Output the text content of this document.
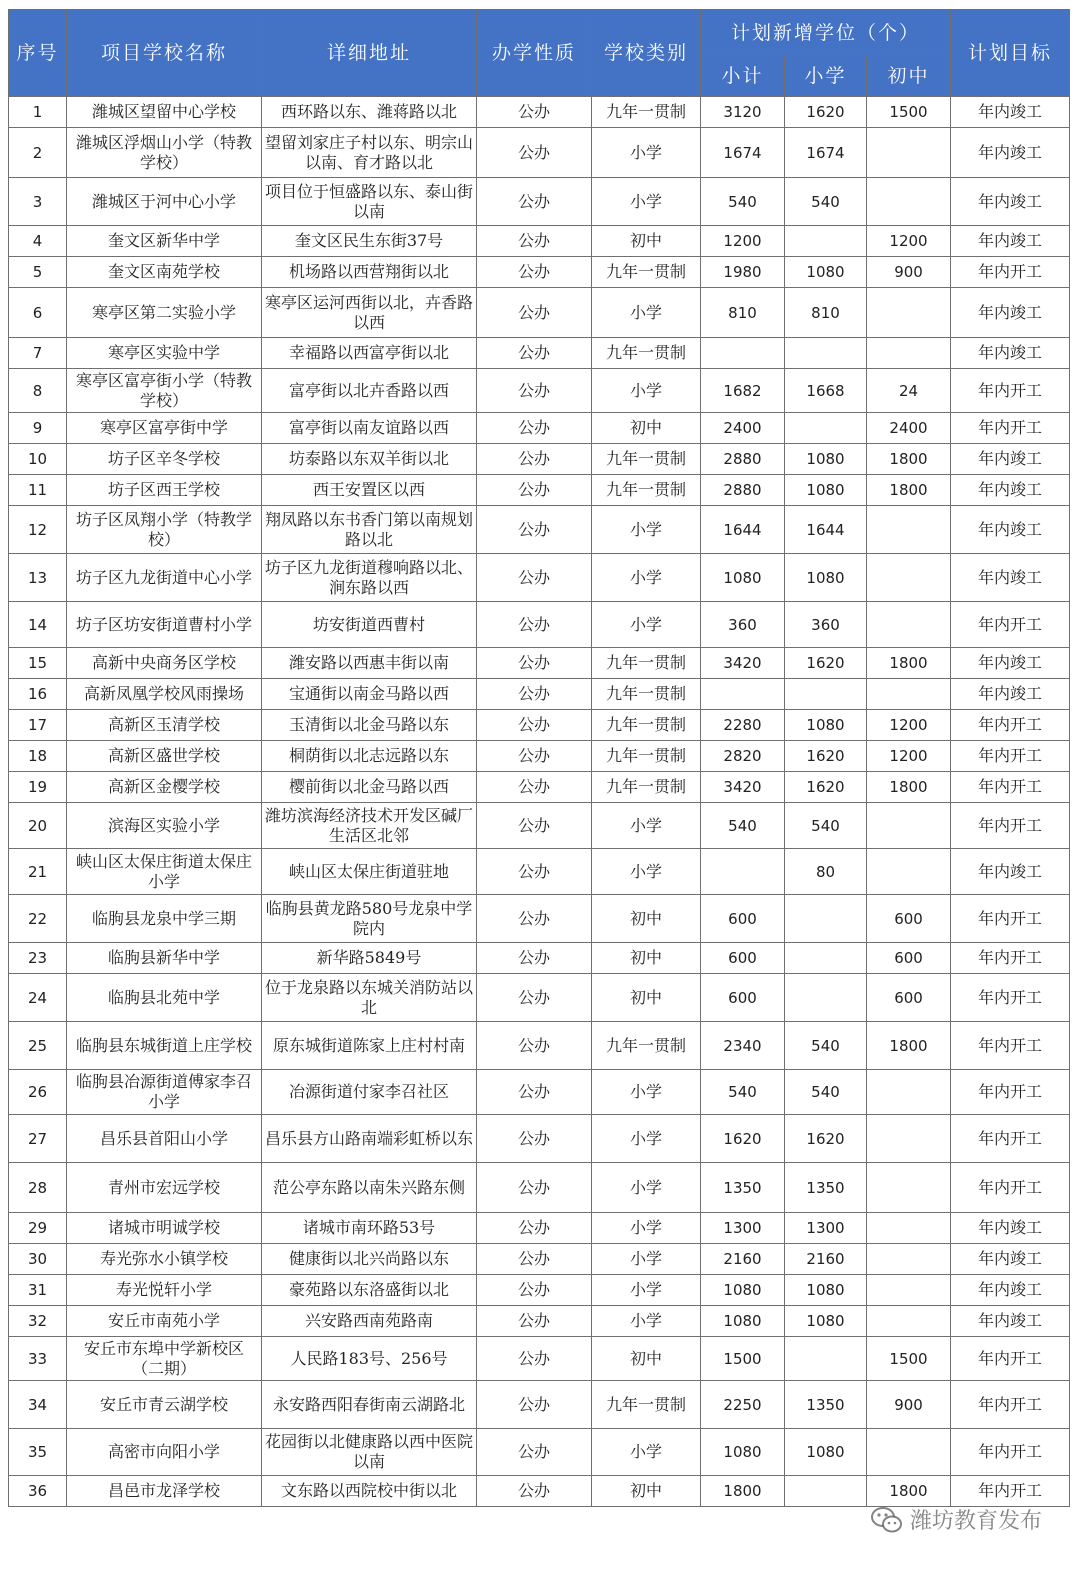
序号	项目学校名称	详细地址	办学性质	学校类别	计划新增学位（个）			计划目标
					小计	小学	初中	
1	潍城区望留中心学校	西环路以东、潍蒋路以北	公办	九年一贯制	3120	1620	1500	年内竣工
2	潍城区浮烟山小学（特教学校）	望留刘家庄子村以东、明宗山以南、育才路以北	公办	小学	1674	1674		年内竣工
3	潍城区于河中心小学	项目位于恒盛路以东、泰山街以南	公办	小学	540	540		年内竣工
4	奎文区新华中学	奎文区民生东街37号	公办	初中	1200		1200	年内竣工
5	奎文区南苑学校	机场路以西营翔街以北	公办	九年一贯制	1980	1080	900	年内开工
6	寒亭区第二实验小学	寒亭区运河西街以北，卉香路以西	公办	小学	810	810		年内竣工
7	寒亭区实验中学	幸福路以西富亭街以北	公办	九年一贯制				年内竣工
8	寒亭区富亭街小学（特教学校）	富亭街以北卉香路以西	公办	小学	1682	1668	24	年内开工
9	寒亭区富亭街中学	富亭街以南友谊路以西	公办	初中	2400		2400	年内开工
10	坊子区辛冬学校	坊泰路以东双羊街以北	公办	九年一贯制	2880	1080	1800	年内竣工
11	坊子区西王学校	西王安置区以西	公办	九年一贯制	2880	1080	1800	年内竣工
12	坊子区凤翔小学（特教学校）	翔凤路以东书香门第以南规划路以北	公办	小学	1644	1644		年内竣工
13	坊子区九龙街道中心小学	坊子区九龙街道穆响路以北、涧东路以西	公办	小学	1080	1080		年内竣工
14	坊子区坊安街道曹村小学	坊安街道西曹村	公办	小学	360	360		年内开工
15	高新中央商务区学校	潍安路以西惠丰街以南	公办	九年一贯制	3420	1620	1800	年内竣工
16	高新凤凰学校风雨操场	宝通街以南金马路以西	公办	九年一贯制				年内竣工
17	高新区玉清学校	玉清街以北金马路以东	公办	九年一贯制	2280	1080	1200	年内开工
18	高新区盛世学校	桐荫街以北志远路以东	公办	九年一贯制	2820	1620	1200	年内开工
19	高新区金樱学校	樱前街以北金马路以西	公办	九年一贯制	3420	1620	1800	年内开工
20	滨海区实验小学	潍坊滨海经济技术开发区碱厂生活区北邻	公办	小学	540	540		年内开工
21	峡山区太保庄街道太保庄小学	峡山区太保庄街道驻地	公办	小学		80		年内竣工
22	临朐县龙泉中学三期	临朐县黄龙路580号龙泉中学院内	公办	初中	600		600	年内开工
23	临朐县新华中学	新华路5849号	公办	初中	600		600	年内开工
24	临朐县北苑中学	位于龙泉路以东城关消防站以北	公办	初中	600		600	年内开工
25	临朐县东城街道上庄学校	原东城街道陈家上庄村村南	公办	九年一贯制	2340	540	1800	年内开工
26	临朐县冶源街道傅家李召小学	冶源街道付家李召社区	公办	小学	540	540		年内开工
27	昌乐县首阳山小学	昌乐县方山路南端彩虹桥以东	公办	小学	1620	1620		年内开工
28	青州市宏远学校	范公亭东路以南朱兴路东侧	公办	小学	1350	1350		年内开工
29	诸城市明诚学校	诸城市南环路53号	公办	小学	1300	1300		年内竣工
30	寿光弥水小镇学校	健康街以北兴尚路以东	公办	小学	2160	2160		年内竣工
31	寿光悦轩小学	豪苑路以东洛盛街以北	公办	小学	1080	1080		年内竣工
32	安丘市南苑小学	兴安路西南苑路南	公办	小学	1080	1080		年内竣工
33	安丘市东埠中学新校区（二期）	人民路183号、256号	公办	初中	1500		1500	年内开工
34	安丘市青云湖学校	永安路西阳春街南云湖路北	公办	九年一贯制	2250	1350	900	年内开工
35	高密市向阳小学	花园街以北健康路以西中医院以南	公办	小学	1080	1080		年内开工
36	昌邑市龙泽学校	文东路以西院校中街以北	公办	初中	1800		1800	年内开工
潍坊教育发布
